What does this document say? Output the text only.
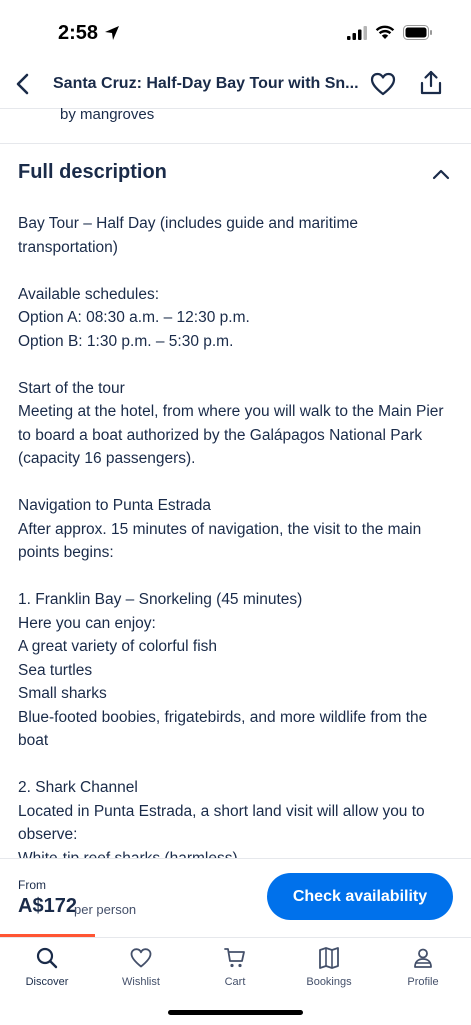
2:58
Santa Cruz: Half-Day Bay Tour with Sn...
by mangroves
Full description

Bay Tour – Half Day (includes guide and maritime transportation)

Available schedules:

Option A: 08:30 a.m. – 12:30 p.m.

Option B: 1:30 p.m. – 5:30 p.m.

Start of the tour

Meeting at the hotel, from where you will walk to the Main Pier to board a boat authorized by the Galápagos National Park (capacity 16 passengers).

Navigation to Punta Estrada

After approx. 15 minutes of navigation, the visit to the main points begins:

1. Franklin Bay – Snorkeling (45 minutes)

Here you can enjoy:

A great variety of colorful fish

Sea turtles

Small sharks

Blue-footed boobies, frigatebirds, and more wildlife from the boat

2. Shark Channel

Located in Punta Estrada, a short land visit will allow you to observe:

From
A$172
per person
Check availability
Discover	Wishlist	Cart	Bookings	Profile
